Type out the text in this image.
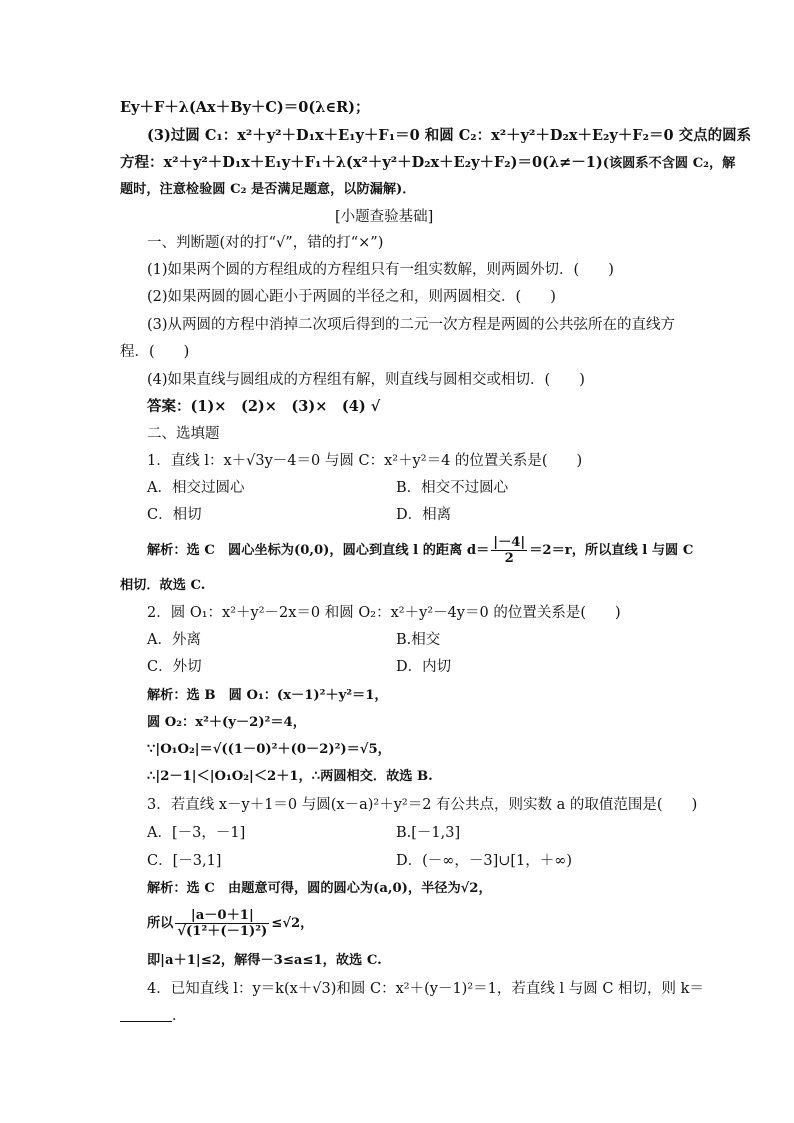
Ey＋F＋λ(Ax＋By＋C)＝0(λ∈R)；
(3)过圆 C₁：x²＋y²＋D₁x＋E₁y＋F₁＝0 和圆 C₂：x²＋y²＋D₂x＋E₂y＋F₂＝0 交点的圆系
方程：x²＋y²＋D₁x＋E₁y＋F₁＋λ(x²＋y²＋D₂x＋E₂y＋F₂)＝0(λ≠－1)(该圆系不含圆 C₂，解
题时，注意检验圆 C₂ 是否满足题意，以防漏解)．
[小题查验基础]
一、判断题(对的打“√”，错的打“×”)
(1)如果两个圆的方程组成的方程组只有一组实数解，则两圆外切．(　　)
(2)如果两圆的圆心距小于两圆的半径之和，则两圆相交．(　　)
(3)从两圆的方程中消掉二次项后得到的二元一次方程是两圆的公共弦所在的直线方
程．(　　)
(4)如果直线与圆组成的方程组有解，则直线与圆相交或相切．(　　)
答案：(1)×　(2)×　(3)×　(4) √
二、选填题
1．直线 l：x＋√3y－4＝0 与圆 C：x²＋y²＝4 的位置关系是(　　)
A．相交过圆心	B．相交不过圆心
C．相切	D．相离
解析：选 C　圆心坐标为(0,0)，圆心到直线 l 的距离 $d= \frac{|-4|}{2} =2=r$，所以直线 l 与圆 C
相切．故选 C.
2．圆 O₁：x²＋y²－2x＝0 和圆 O₂：x²＋y²－4y＝0 的位置关系是(　　)
A．外离	B.相交
C．外切	D．内切
解析：选 B　圆 O₁：(x－1)²＋y²＝1，
圆 O₂：x²＋(y－2)²＝4，
∵|O₁O₂|＝√((1－0)²＋(0－2)²)＝√5，
∴|2－1|＜|O₁O₂|＜2＋1，∴两圆相交．故选 B.
3．若直线 x－y＋1＝0 与圆(x－a)²＋y²＝2 有公共点，则实数 a 的取值范围是(　　)
A．[－3，－1]	B.[－1,3]
C．[－3,1]	D．(－∞，－3]∪[1，＋∞)
解析：选 C　由题意可得，圆的圆心为(a,0)，半径为√2，
所以 $\frac{|a-0+1|}{\text{√(1²＋(－1)²)}} \le√2$，
即|a＋1|≤2，解得－3≤a≤1，故选 C.
4．已知直线 l：y＝k(x＋√3)和圆 C：x²＋(y－1)²＝1，若直线 l 与圆 C 相切，则 k＝
．
